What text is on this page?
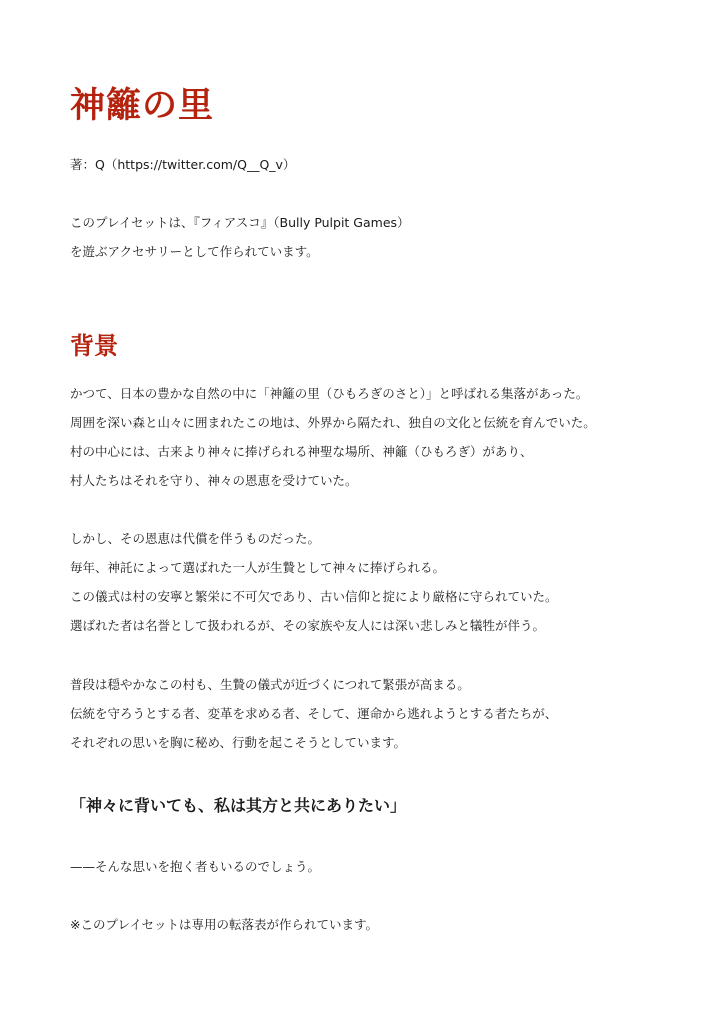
神籬の里

著：Q（https://twitter.com/Q__Q_v）

このプレイセットは、『フィアスコ』（Bully Pulpit Games）

を遊ぶアクセサリーとして作られています。

背景

かつて、日本の豊かな自然の中に「神籬の里（ひもろぎのさと）」と呼ばれる集落があった。

周囲を深い森と山々に囲まれたこの地は、外界から隔たれ、独自の文化と伝統を育んでいた。

村の中心には、古来より神々に捧げられる神聖な場所、神籬（ひもろぎ）があり、

村人たちはそれを守り、神々の恩恵を受けていた。

しかし、その恩恵は代償を伴うものだった。

毎年、神託によって選ばれた一人が生贄として神々に捧げられる。

この儀式は村の安寧と繁栄に不可欠であり、古い信仰と掟により厳格に守られていた。

選ばれた者は名誉として扱われるが、その家族や友人には深い悲しみと犠牲が伴う。

普段は穏やかなこの村も、生贄の儀式が近づくにつれて緊張が高まる。

伝統を守ろうとする者、変革を求める者、そして、運命から逃れようとする者たちが、

それぞれの思いを胸に秘め、行動を起こそうとしています。

「神々に背いても、私は其方と共にありたい」

——そんな思いを抱く者もいるのでしょう。

※このプレイセットは専用の転落表が作られています。
